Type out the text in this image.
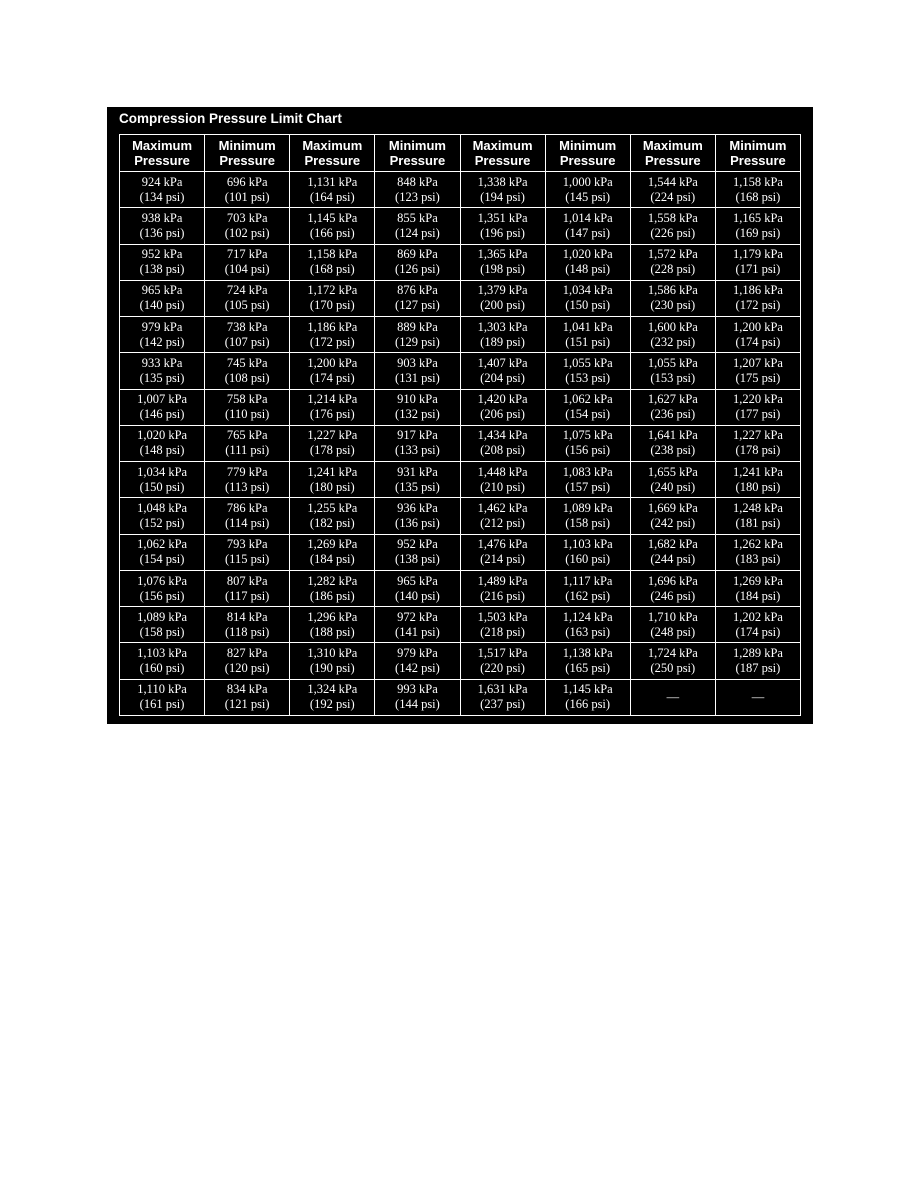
Compression Pressure Limit Chart
Maximum
Pressure	Minimum
Pressure	Maximum
Pressure	Minimum
Pressure	Maximum
Pressure	Minimum
Pressure	Maximum
Pressure	Minimum
Pressure

924 kPa
(134 psi)	696 kPa
(101 psi)	1,131 kPa
(164 psi)	848 kPa
(123 psi)	1,338 kPa
(194 psi)	1,000 kPa
(145 psi)	1,544 kPa
(224 psi)	1,158 kPa
(168 psi)

938 kPa
(136 psi)	703 kPa
(102 psi)	1,145 kPa
(166 psi)	855 kPa
(124 psi)	1,351 kPa
(196 psi)	1,014 kPa
(147 psi)	1,558 kPa
(226 psi)	1,165 kPa
(169 psi)

952 kPa
(138 psi)	717 kPa
(104 psi)	1,158 kPa
(168 psi)	869 kPa
(126 psi)	1,365 kPa
(198 psi)	1,020 kPa
(148 psi)	1,572 kPa
(228 psi)	1,179 kPa
(171 psi)

965 kPa
(140 psi)	724 kPa
(105 psi)	1,172 kPa
(170 psi)	876 kPa
(127 psi)	1,379 kPa
(200 psi)	1,034 kPa
(150 psi)	1,586 kPa
(230 psi)	1,186 kPa
(172 psi)

979 kPa
(142 psi)	738 kPa
(107 psi)	1,186 kPa
(172 psi)	889 kPa
(129 psi)	1,303 kPa
(189 psi)	1,041 kPa
(151 psi)	1,600 kPa
(232 psi)	1,200 kPa
(174 psi)

933 kPa
(135 psi)	745 kPa
(108 psi)	1,200 kPa
(174 psi)	903 kPa
(131 psi)	1,407 kPa
(204 psi)	1,055 kPa
(153 psi)	1,055 kPa
(153 psi)	1,207 kPa
(175 psi)

1,007 kPa
(146 psi)	758 kPa
(110 psi)	1,214 kPa
(176 psi)	910 kPa
(132 psi)	1,420 kPa
(206 psi)	1,062 kPa
(154 psi)	1,627 kPa
(236 psi)	1,220 kPa
(177 psi)

1,020 kPa
(148 psi)	765 kPa
(111 psi)	1,227 kPa
(178 psi)	917 kPa
(133 psi)	1,434 kPa
(208 psi)	1,075 kPa
(156 psi)	1,641 kPa
(238 psi)	1,227 kPa
(178 psi)

1,034 kPa
(150 psi)	779 kPa
(113 psi)	1,241 kPa
(180 psi)	931 kPa
(135 psi)	1,448 kPa
(210 psi)	1,083 kPa
(157 psi)	1,655 kPa
(240 psi)	1,241 kPa
(180 psi)

1,048 kPa
(152 psi)	786 kPa
(114 psi)	1,255 kPa
(182 psi)	936 kPa
(136 psi)	1,462 kPa
(212 psi)	1,089 kPa
(158 psi)	1,669 kPa
(242 psi)	1,248 kPa
(181 psi)

1,062 kPa
(154 psi)	793 kPa
(115 psi)	1,269 kPa
(184 psi)	952 kPa
(138 psi)	1,476 kPa
(214 psi)	1,103 kPa
(160 psi)	1,682 kPa
(244 psi)	1,262 kPa
(183 psi)

1,076 kPa
(156 psi)	807 kPa
(117 psi)	1,282 kPa
(186 psi)	965 kPa
(140 psi)	1,489 kPa
(216 psi)	1,117 kPa
(162 psi)	1,696 kPa
(246 psi)	1,269 kPa
(184 psi)

1,089 kPa
(158 psi)	814 kPa
(118 psi)	1,296 kPa
(188 psi)	972 kPa
(141 psi)	1,503 kPa
(218 psi)	1,124 kPa
(163 psi)	1,710 kPa
(248 psi)	1,202 kPa
(174 psi)

1,103 kPa
(160 psi)	827 kPa
(120 psi)	1,310 kPa
(190 psi)	979 kPa
(142 psi)	1,517 kPa
(220 psi)	1,138 kPa
(165 psi)	1,724 kPa
(250 psi)	1,289 kPa
(187 psi)

1,110 kPa
(161 psi)	834 kPa
(121 psi)	1,324 kPa
(192 psi)	993 kPa
(144 psi)	1,631 kPa
(237 psi)	1,145 kPa
(166 psi)	—	—
